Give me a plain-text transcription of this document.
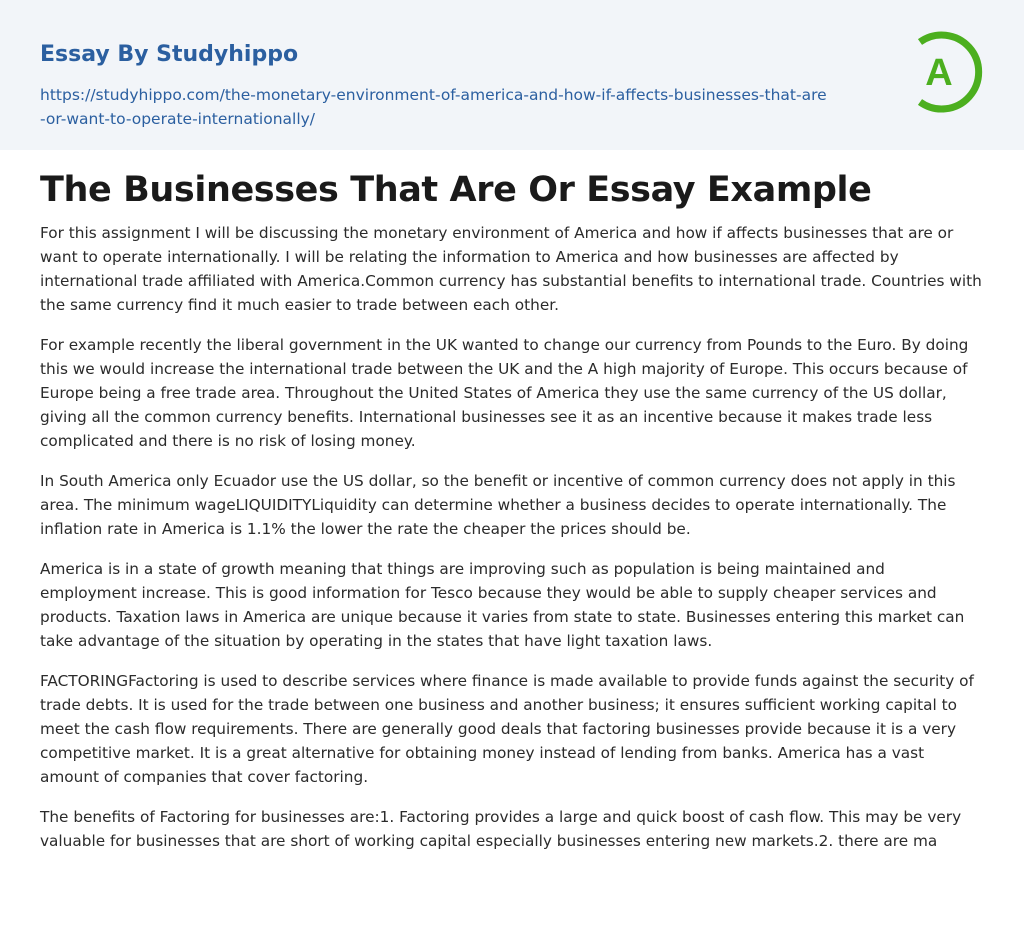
Essay By Studyhippo
https://studyhippo.com/the-monetary-environment-of-america-and-how-if-affects-businesses-that-are-or-want-to-operate-internationally/
A
The Businesses That Are Or Essay Example

For this assignment I will be discussing the monetary environment of America and how if affects businesses that are or want to operate internationally. I will be relating the information to America and how businesses are affected by international trade affiliated with America.Common currency has substantial benefits to international trade. Countries with the same currency find it much easier to trade between each other.

For example recently the liberal government in the UK wanted to change our currency from Pounds to the Euro. By doing this we would increase the international trade between the UK and the A high majority of Europe. This occurs because of Europe being a free trade area. Throughout the United States of America they use the same currency of the US dollar, giving all the common currency benefits. International businesses see it as an incentive because it makes trade less complicated and there is no risk of losing money.

In South America only Ecuador use the US dollar, so the benefit or incentive of common currency does not apply in this area. The minimum wageLIQUIDITYLiquidity can determine whether a business decides to operate internationally. The inflation rate in America is 1.1% the lower the rate the cheaper the prices should be.

America is in a state of growth meaning that things are improving such as population is being maintained and employment increase. This is good information for Tesco because they would be able to supply cheaper services and products. Taxation laws in America are unique because it varies from state to state. Businesses entering this market can take advantage of the situation by operating in the states that have light taxation laws.

FACTORINGFactoring is used to describe services where finance is made available to provide funds against the security of trade debts. It is used for the trade between one business and another business; it ensures sufficient working capital to meet the cash flow requirements. There are generally good deals that factoring businesses provide because it is a very competitive market. It is a great alternative for obtaining money instead of lending from banks. America has a vast amount of companies that cover factoring.

The benefits of Factoring for businesses are:1. Factoring provides a large and quick boost of cash flow. This may be very valuable for businesses that are short of working capital especially businesses entering new markets.2. there are ma
